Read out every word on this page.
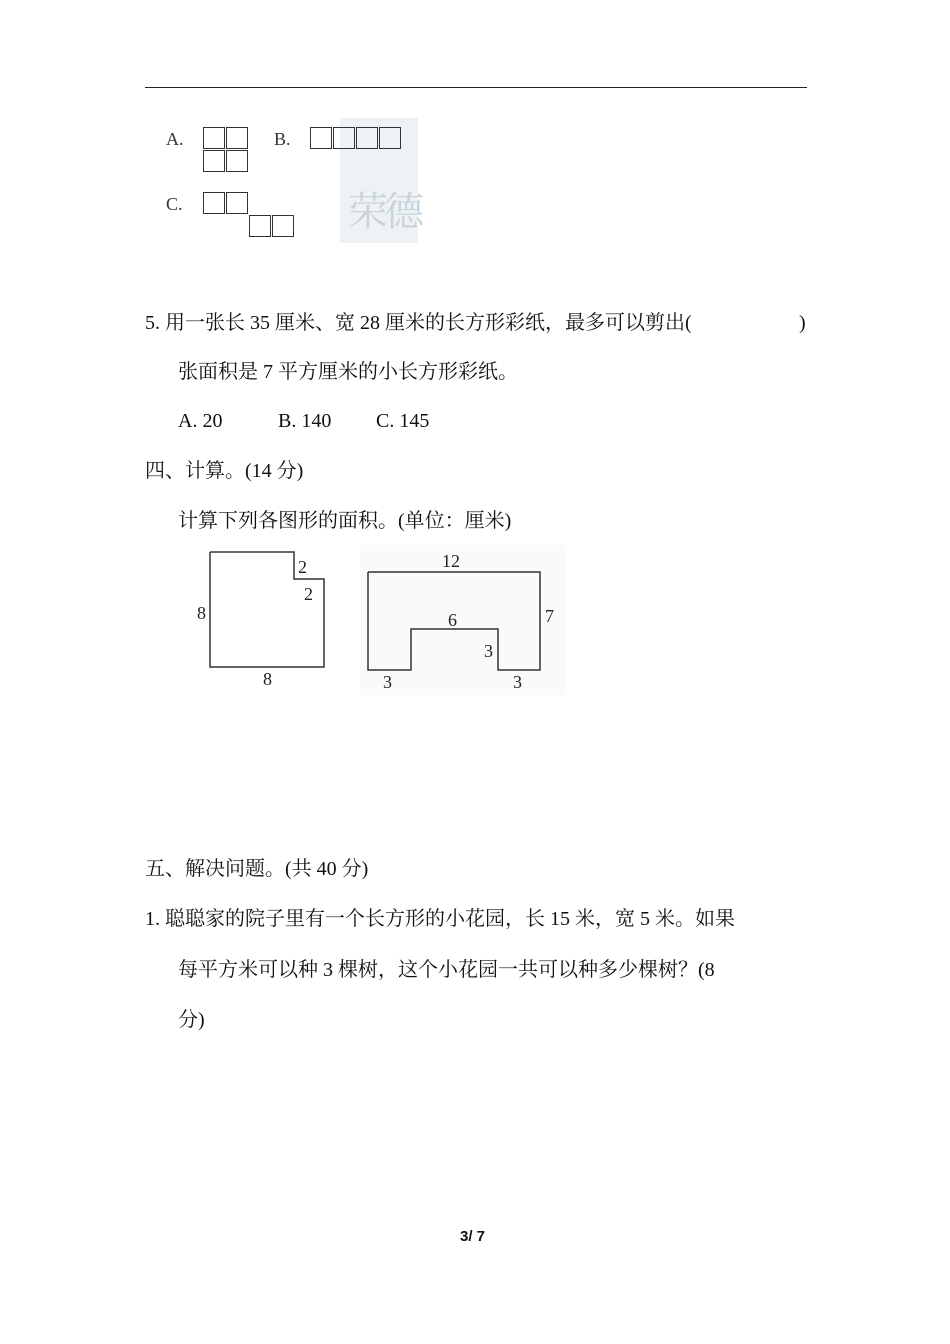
荣德
A.	B.
C.
5. 用一张长 35 厘米、宽 28 厘米的长方形彩纸，最多可以剪出(	)
张面积是 7 平方厘米的小长方形彩纸。
A. 20	B. 140 C. 145
四、计算。(14 分)
计算下列各图形的面积。(单位：厘米)
2
2
8
8
12
7
6
3
3	3
五、解决问题。(共 40 分)
1. 聪聪家的院子里有一个长方形的小花园，长 15 米，宽 5 米。如果
每平方米可以种 3 棵树，这个小花园一共可以种多少棵树？(8
分)
3/ 7
